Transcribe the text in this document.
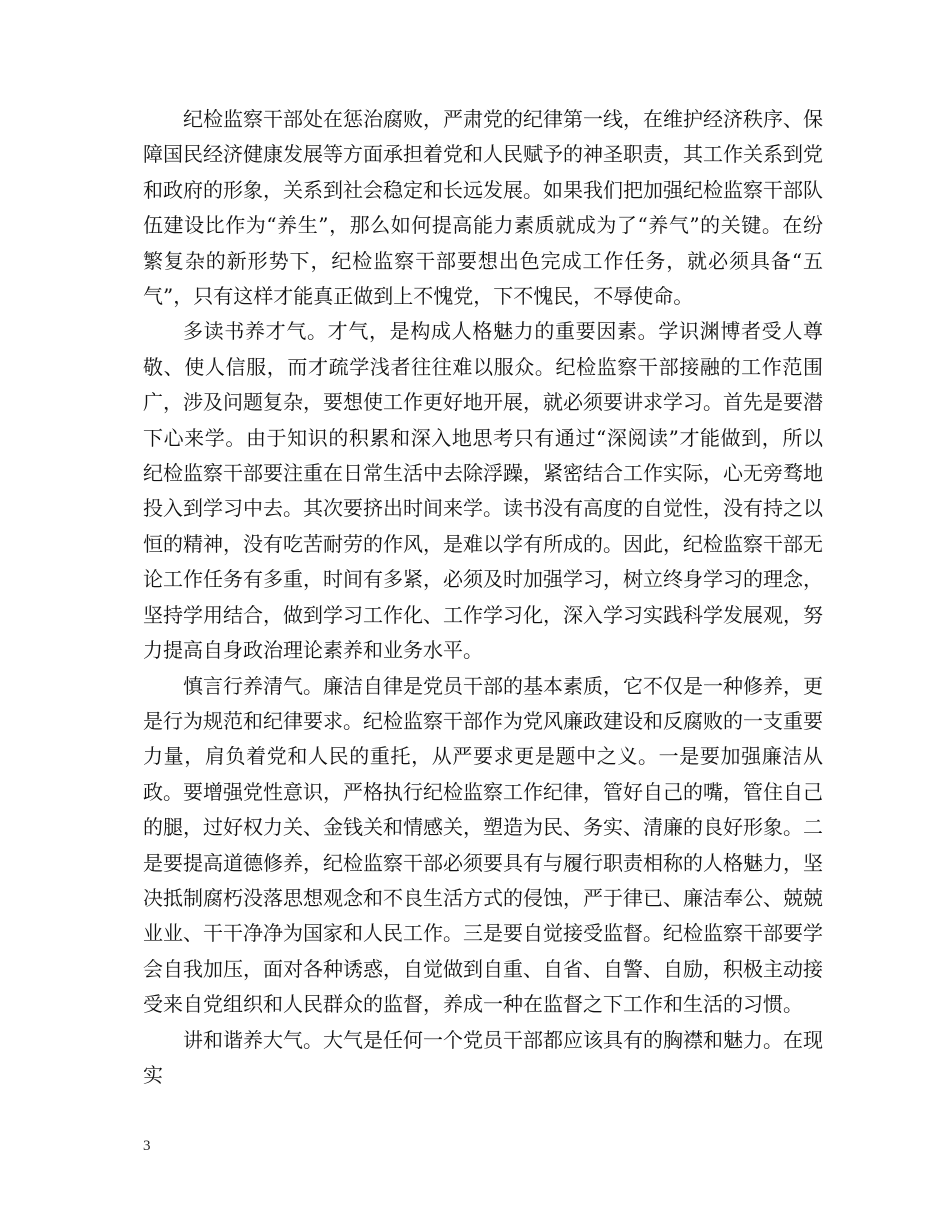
纪检监察干部处在惩治腐败，严肃党的纪律第一线，在维护经济秩序、保障国民经济健康发展等方面承担着党和人民赋予的神圣职责，其工作关系到党和政府的形象，关系到社会稳定和长远发展。如果我们把加强纪检监察干部队伍建设比作为“养生”，那么如何提高能力素质就成为了“养气”的关键。在纷繁复杂的新形势下，纪检监察干部要想出色完成工作任务，就必须具备“五气”，只有这样才能真正做到上不愧党，下不愧民，不辱使命。

多读书养才气。才气，是构成人格魅力的重要因素。学识渊博者受人尊敬、使人信服，而才疏学浅者往往难以服众。纪检监察干部接融的工作范围广，涉及问题复杂，要想使工作更好地开展，就必须要讲求学习。首先是要潜下心来学。由于知识的积累和深入地思考只有通过“深阅读”才能做到，所以纪检监察干部要注重在日常生活中去除浮躁，紧密结合工作实际，心无旁骛地投入到学习中去。其次要挤出时间来学。读书没有高度的自觉性，没有持之以恒的精神，没有吃苦耐劳的作风，是难以学有所成的。因此，纪检监察干部无论工作任务有多重，时间有多紧，必须及时加强学习，树立终身学习的理念，坚持学用结合，做到学习工作化、工作学习化，深入学习实践科学发展观，努力提高自身政治理论素养和业务水平。

慎言行养清气。廉洁自律是党员干部的基本素质，它不仅是一种修养，更是行为规范和纪律要求。纪检监察干部作为党风廉政建设和反腐败的一支重要力量，肩负着党和人民的重托，从严要求更是题中之义。一是要加强廉洁从政。要增强党性意识，严格执行纪检监察工作纪律，管好自己的嘴，管住自己的腿，过好权力关、金钱关和情感关，塑造为民、务实、清廉的良好形象。二是要提高道德修养，纪检监察干部必须要具有与履行职责相称的人格魅力，坚决抵制腐朽没落思想观念和不良生活方式的侵蚀，严于律已、廉洁奉公、兢兢业业、干干净净为国家和人民工作。三是要自觉接受监督。纪检监察干部要学会自我加压，面对各种诱惑，自觉做到自重、自省、自警、自励，积极主动接受来自党组织和人民群众的监督，养成一种在监督之下工作和生活的习惯。

讲和谐养大气。大气是任何一个党员干部都应该具有的胸襟和魅力。在现实

3
